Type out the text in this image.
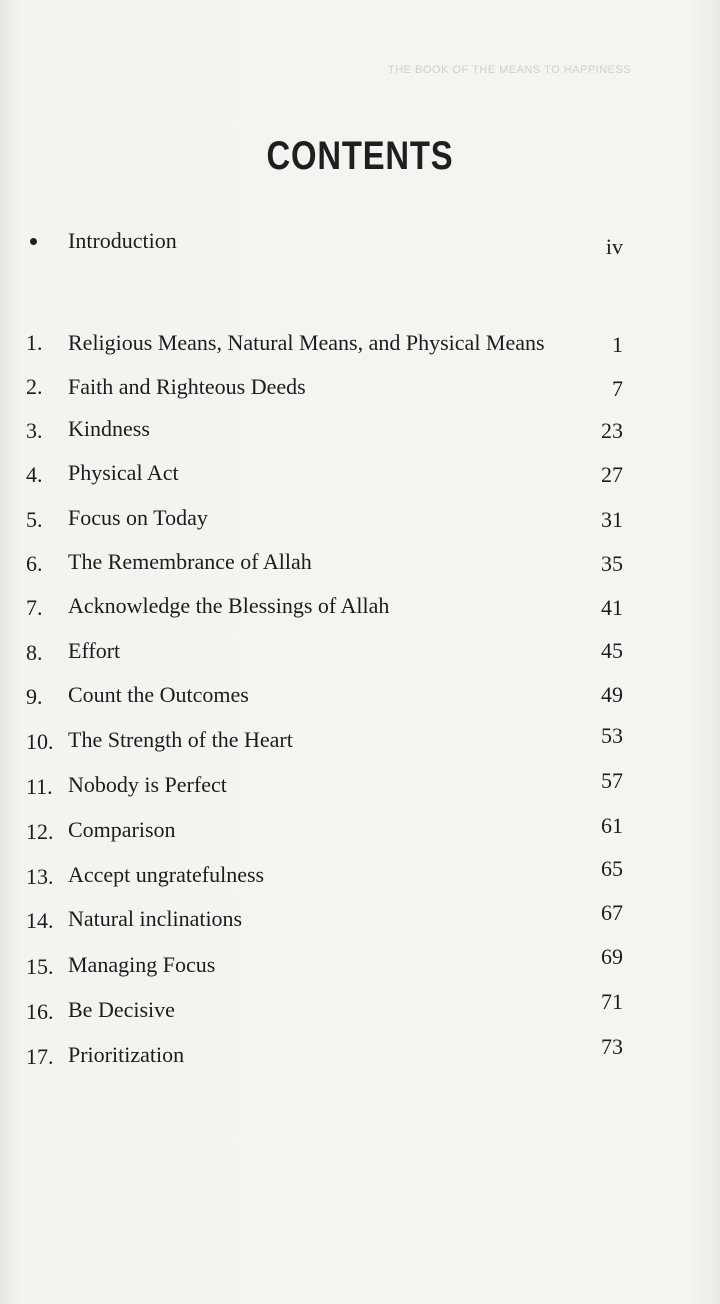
THE BOOK OF THE MEANS TO HAPPINESS
CONTENTS
Introduction	iv
1. Religious Means, Natural Means, and Physical Means	1
2. Faith and Righteous Deeds	7
3. Kindness	23
4. Physical Act	27
5. Focus on Today	31
6. The Remembrance of Allah	35
7. Acknowledge the Blessings of Allah	41
8. Effort	45
9. Count the Outcomes	49
10. The Strength of the Heart	53
11. Nobody is Perfect	57
12. Comparison	61
13. Accept ungratefulness	65
14. Natural inclinations	67
15. Managing Focus	69
16. Be Decisive	71
17. Prioritization	73
